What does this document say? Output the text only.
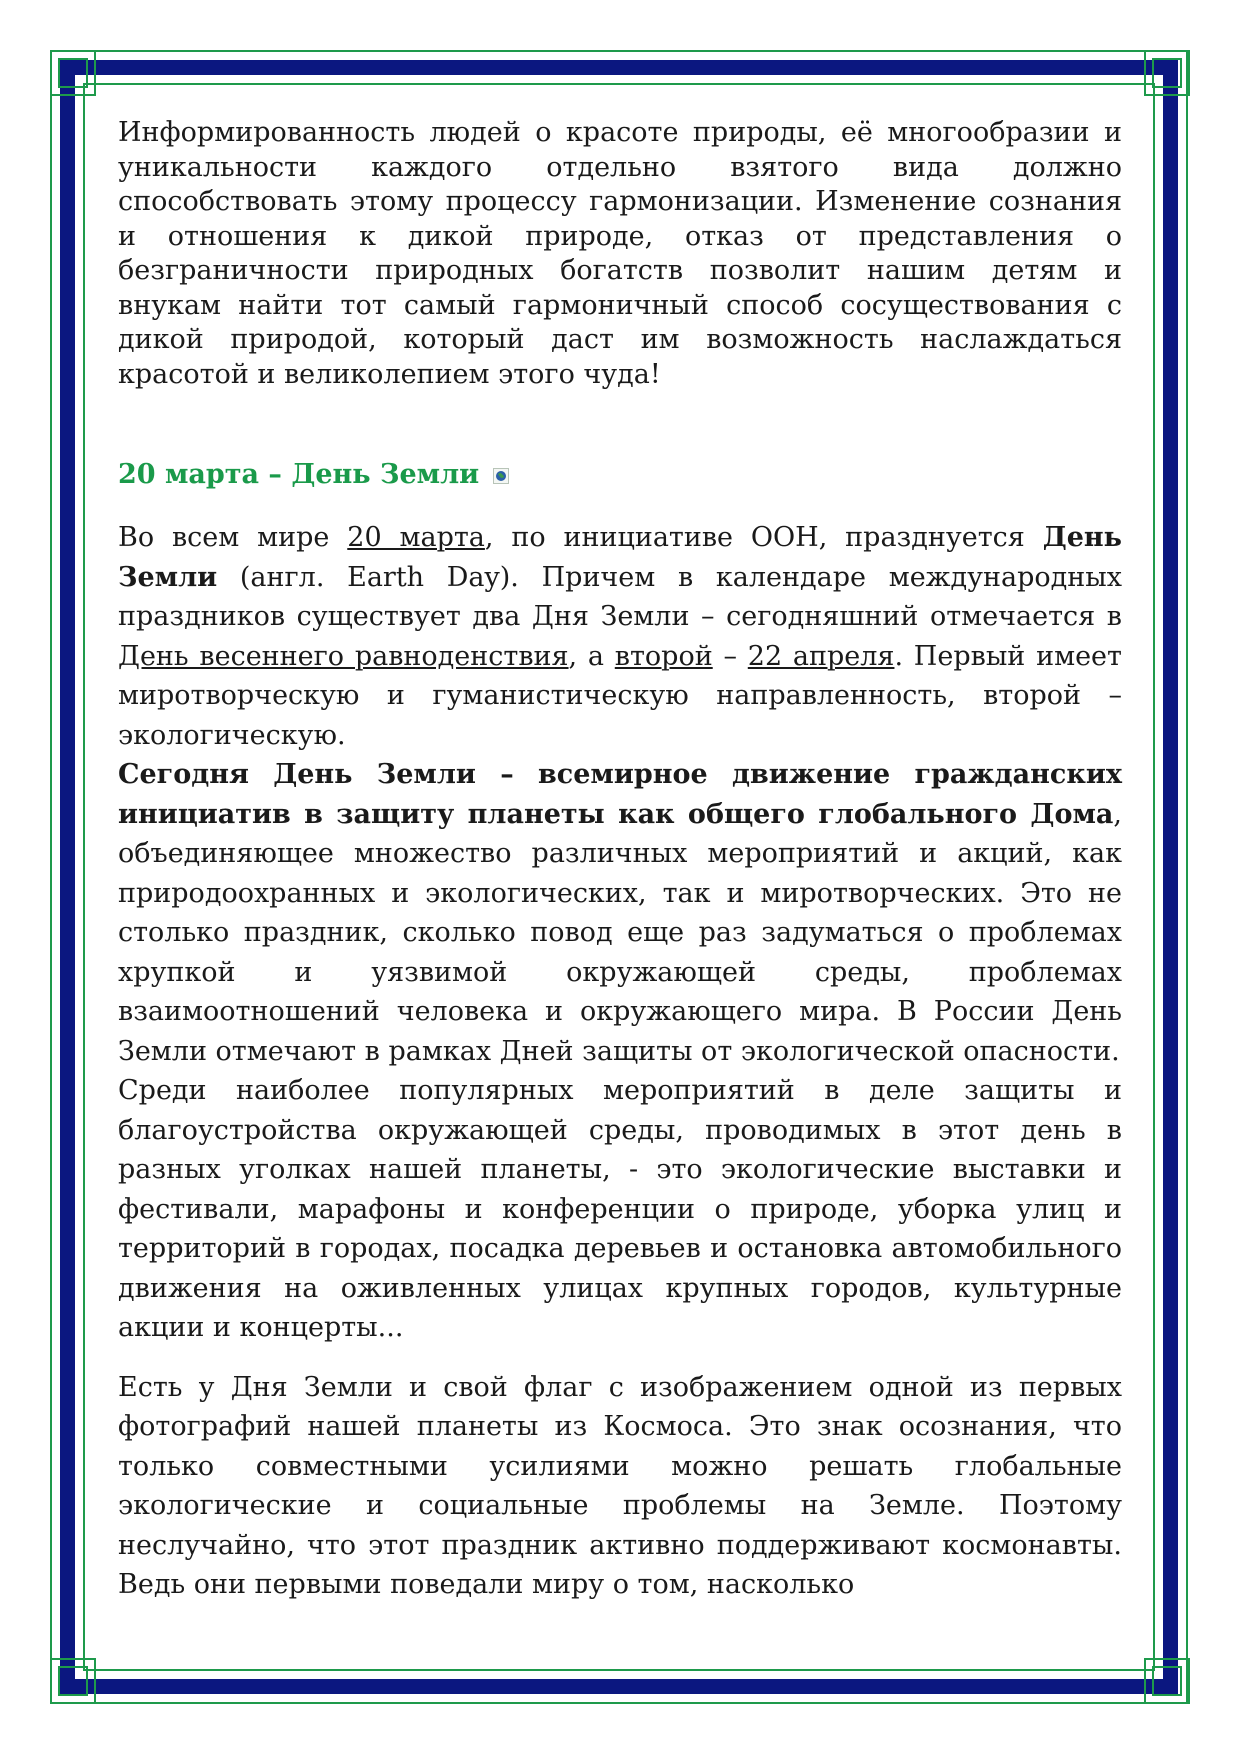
Информированность людей о красоте природы, её многообразии и уникальности каждого отдельно взятого вида должно способствовать этому процессу гармонизации. Изменение сознания и отношения к дикой природе, отказ от представления о безграничности природных богатств позволит нашим детям и внукам найти тот самый гармоничный способ сосуществования с дикой природой, который даст им возможность наслаждаться красотой и великолепием этого чуда!

20 марта – День Земли

Во всем мире 20 марта, по инициативе ООН, празднуется День Земли (англ. Earth Day). Причем в календаре международных праздников существует два Дня Земли – сегодняшний отмечается в День весеннего равноденствия, а второй – 22 апреля. Первый имеет миротворческую и гуманистическую направленность, второй – экологическую.

Сегодня День Земли – всемирное движение гражданских инициатив в защиту планеты как общего глобального Дома, объединяющее множество различных мероприятий и акций, как природоохранных и экологических, так и миротворческих. Это не столько праздник, сколько повод еще раз задуматься о проблемах хрупкой и уязвимой окружающей среды, проблемах взаимоотношений человека и окружающего мира. В России День Земли отмечают в рамках Дней защиты от экологической опасности.

Среди наиболее популярных мероприятий в деле защиты и благоустройства окружающей среды, проводимых в этот день в разных уголках нашей планеты, - это экологические выставки и фестивали, марафоны и конференции о природе, уборка улиц и территорий в городах, посадка деревьев и остановка автомобильного движения на оживленных улицах крупных городов, культурные акции и концерты...

Есть у Дня Земли и свой флаг с изображением одной из первых фотографий нашей планеты из Космоса. Это знак осознания, что только совместными усилиями можно решать глобальные экологические и социальные проблемы на Земле. Поэтому неслучайно, что этот праздник активно поддерживают космонавты. Ведь они первыми поведали миру о том, насколько
